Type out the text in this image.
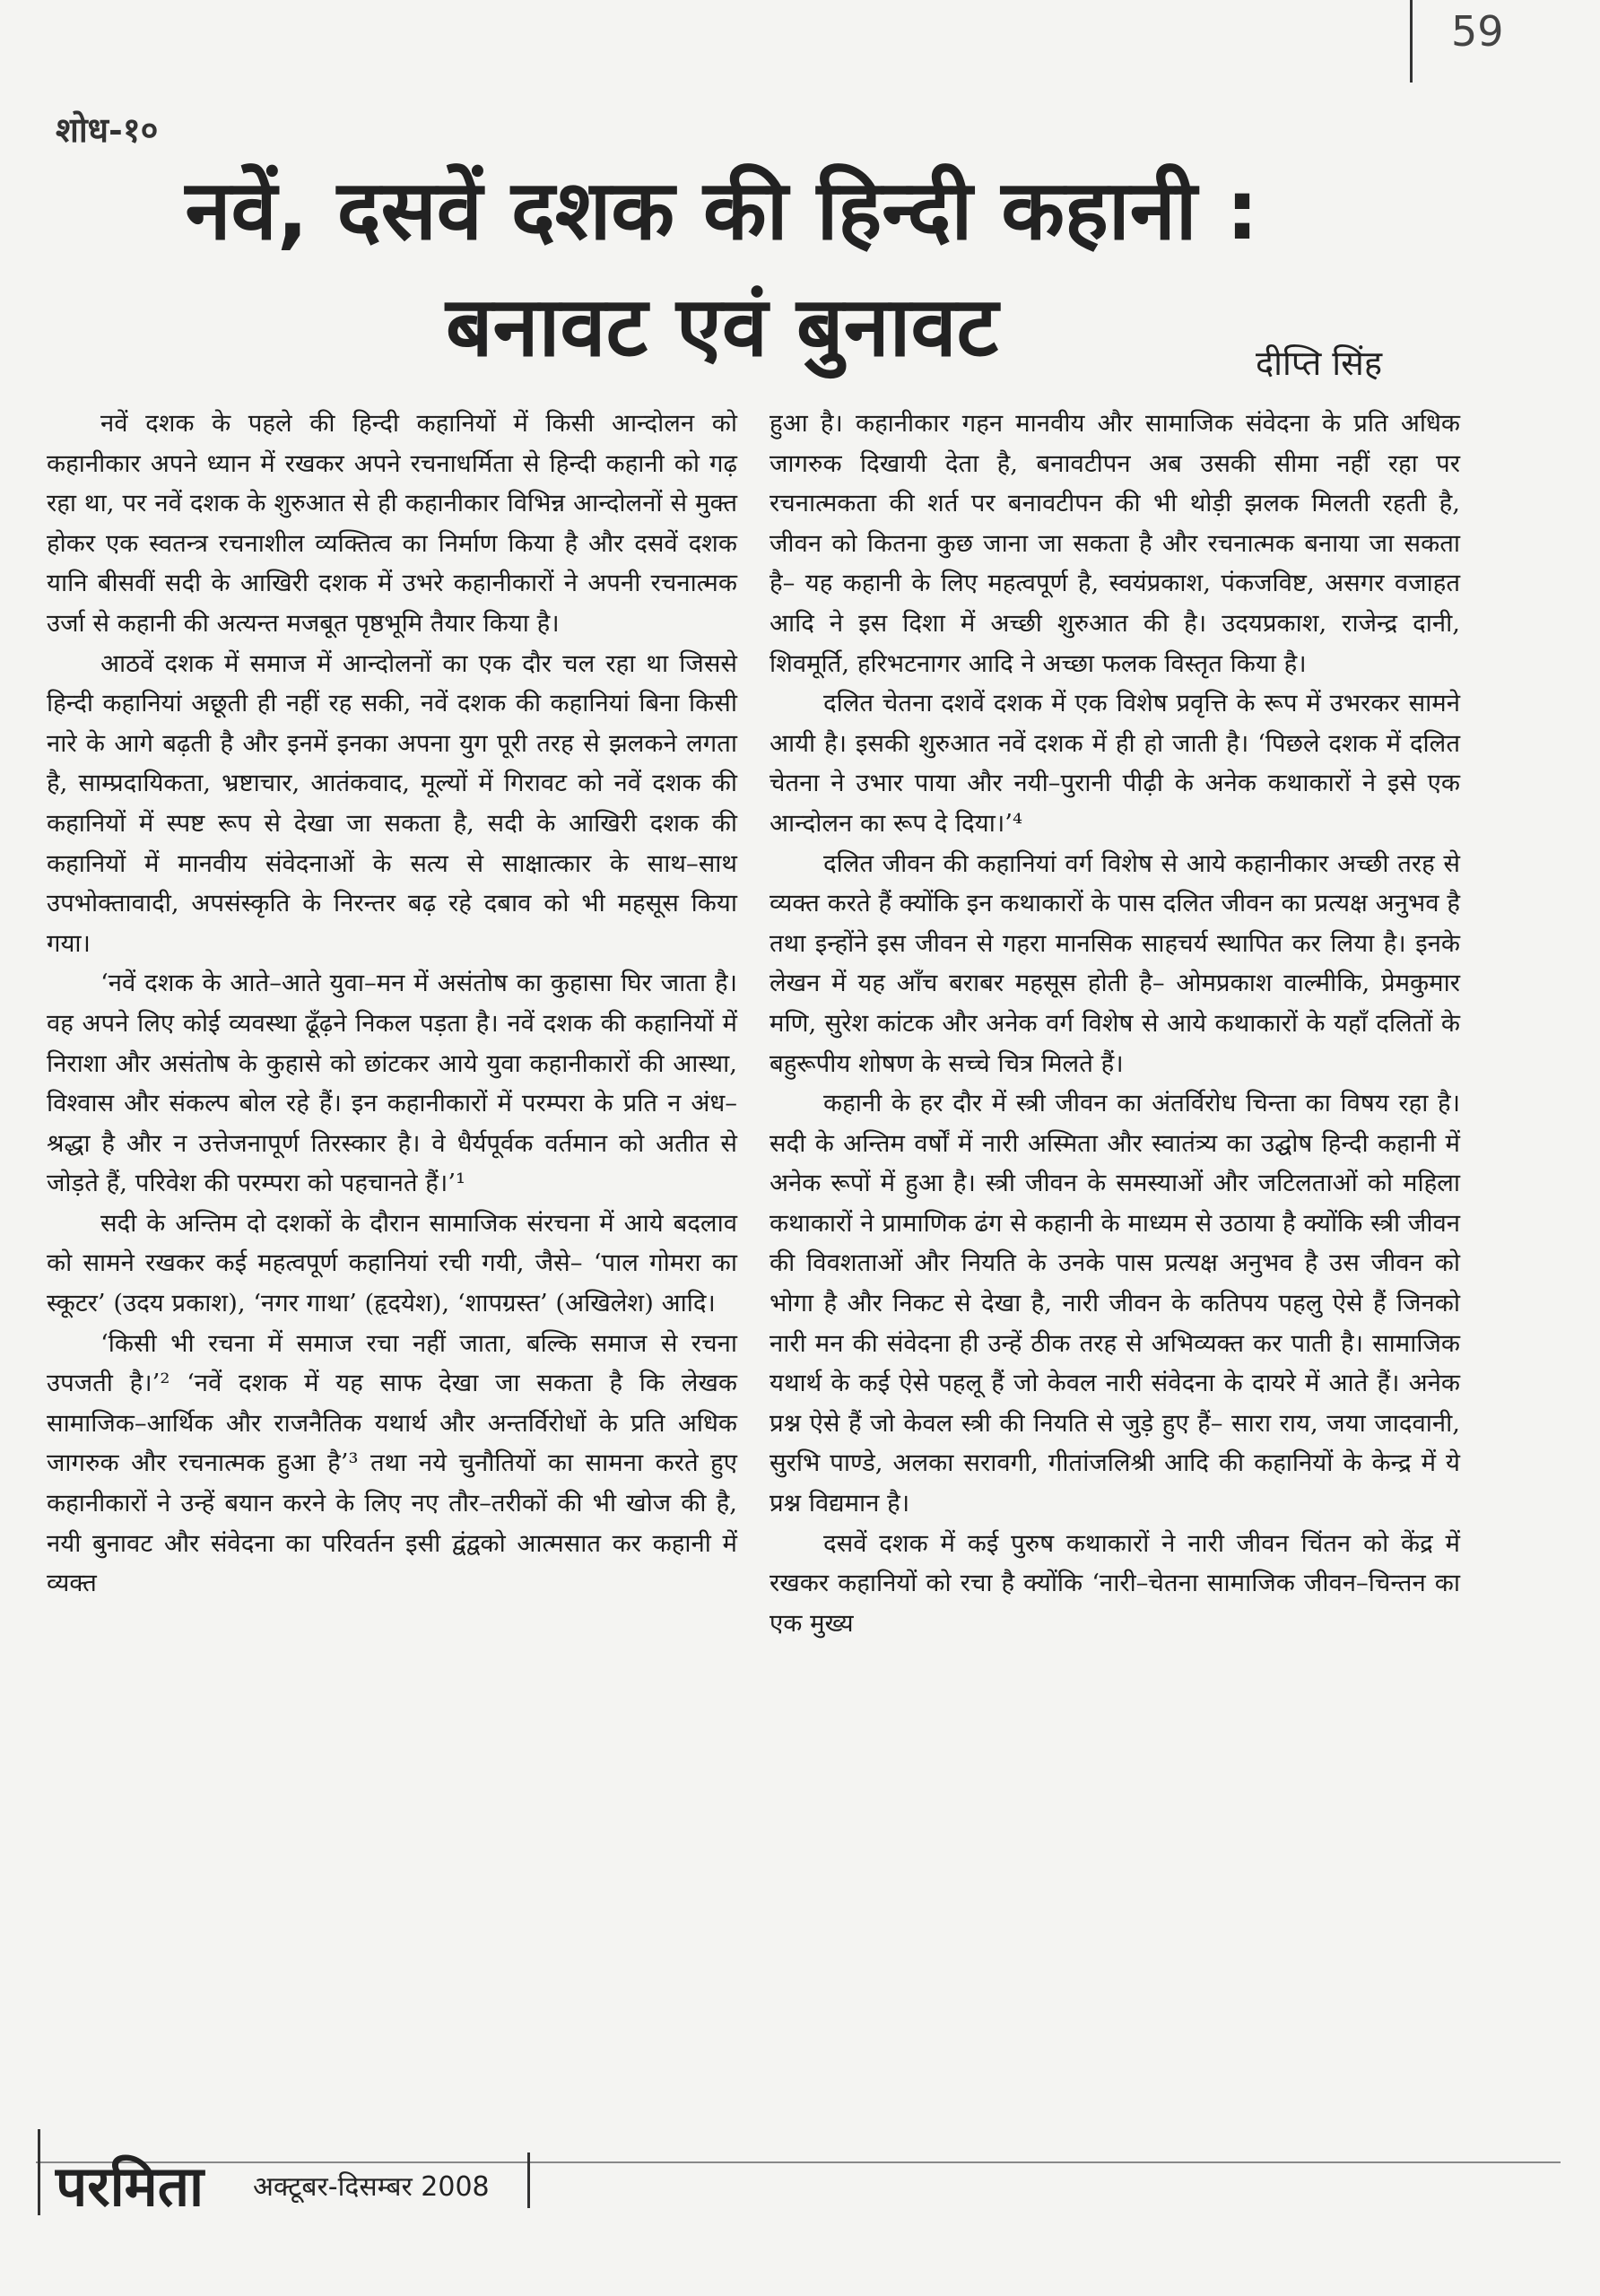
59
शोध-१०
नवें, दसवें दशक की हिन्दी कहानी : बनावट एवं बुनावट	दीप्ति सिंह

नवें दशक के पहले की हिन्दी कहानियों में किसी आन्दोलन को कहानीकार अपने ध्यान में रखकर अपने रचनाधर्मिता से हिन्दी कहानी को गढ़ रहा था, पर नवें दशक के शुरुआत से ही कहानीकार विभिन्न आन्दोलनों से मुक्त होकर एक स्वतन्त्र रचनाशील व्यक्तित्व का निर्माण किया है और दसवें दशक यानि बीसवीं सदी के आखिरी दशक में उभरे कहानीकारों ने अपनी रचनात्मक उर्जा से कहानी की अत्यन्त मजबूत पृष्ठभूमि तैयार किया है।

आठवें दशक में समाज में आन्दोलनों का एक दौर चल रहा था जिससे हिन्दी कहानियां अछूती ही नहीं रह सकी, नवें दशक की कहानियां बिना किसी नारे के आगे बढ़ती है और इनमें इनका अपना युग पूरी तरह से झलकने लगता है, साम्प्रदायिकता, भ्रष्टाचार, आतंकवाद, मूल्यों में गिरावट को नवें दशक की कहानियों में स्पष्ट रूप से देखा जा सकता है, सदी के आखिरी दशक की कहानियों में मानवीय संवेदनाओं के सत्य से साक्षात्कार के साथ–साथ उपभोक्तावादी, अपसंस्कृति के निरन्तर बढ़ रहे दबाव को भी महसूस किया गया।

‘नवें दशक के आते–आते युवा–मन में असंतोष का कुहासा घिर जाता है। वह अपने लिए कोई व्यवस्था ढूँढ़ने निकल पड़ता है। नवें दशक की कहानियों में निराशा और असंतोष के कुहासे को छांटकर आये युवा कहानीकारों की आस्था, विश्वास और संकल्प बोल रहे हैं। इन कहानीकारों में परम्परा के प्रति न अंध–श्रद्धा है और न उत्तेजनापूर्ण तिरस्कार है। वे धैर्यपूर्वक वर्तमान को अतीत से जोड़ते हैं, परिवेश की परम्परा को पहचानते हैं।’¹

सदी के अन्तिम दो दशकों के दौरान सामाजिक संरचना में आये बदलाव को सामने रखकर कई महत्वपूर्ण कहानियां रची गयी, जैसे– ‘पाल गोमरा का स्कूटर’ (उदय प्रकाश), ‘नगर गाथा’ (हृदयेश), ‘शापग्रस्त’ (अखिलेश) आदि।

‘किसी भी रचना में समाज रचा नहीं जाता, बल्कि समाज से रचना उपजती है।’² ‘नवें दशक में यह साफ देखा जा सकता है कि लेखक सामाजिक–आर्थिक और राजनैतिक यथार्थ और अन्तर्विरोधों के प्रति अधिक जागरुक और रचनात्मक हुआ है’³ तथा नये चुनौतियों का सामना करते हुए कहानीकारों ने उन्हें बयान करने के लिए नए तौर–तरीकों की भी खोज की है, नयी बुनावट और संवेदना का परिवर्तन इसी द्वंद्वको आत्मसात कर कहानी में व्यक्त

हुआ है। कहानीकार गहन मानवीय और सामाजिक संवेदना के प्रति अधिक जागरुक दिखायी देता है, बनावटीपन अब उसकी सीमा नहीं रहा पर रचनात्मकता की शर्त पर बनावटीपन की भी थोड़ी झलक मिलती रहती है, जीवन को कितना कुछ जाना जा सकता है और रचनात्मक बनाया जा सकता है– यह कहानी के लिए महत्वपूर्ण है, स्वयंप्रकाश, पंकजविष्ट, असगर वजाहत आदि ने इस दिशा में अच्छी शुरुआत की है। उदयप्रकाश, राजेन्द्र दानी, शिवमूर्ति, हरिभटनागर आदि ने अच्छा फलक विस्तृत किया है।

दलित चेतना दशवें दशक में एक विशेष प्रवृत्ति के रूप में उभरकर सामने आयी है। इसकी शुरुआत नवें दशक में ही हो जाती है। ‘पिछले दशक में दलित चेतना ने उभार पाया और नयी–पुरानी पीढ़ी के अनेक कथाकारों ने इसे एक आन्दोलन का रूप दे दिया।’⁴

दलित जीवन की कहानियां वर्ग विशेष से आये कहानीकार अच्छी तरह से व्यक्त करते हैं क्योंकि इन कथाकारों के पास दलित जीवन का प्रत्यक्ष अनुभव है तथा इन्होंने इस जीवन से गहरा मानसिक साहचर्य स्थापित कर लिया है। इनके लेखन में यह आँच बराबर महसूस होती है– ओमप्रकाश वाल्मीकि, प्रेमकुमार मणि, सुरेश कांटक और अनेक वर्ग विशेष से आये कथाकारों के यहाँ दलितों के बहुरूपीय शोषण के सच्चे चित्र मिलते हैं।

कहानी के हर दौर में स्त्री जीवन का अंतर्विरोध चिन्ता का विषय रहा है। सदी के अन्तिम वर्षों में नारी अस्मिता और स्वातंत्र्य का उद्घोष हिन्दी कहानी में अनेक रूपों में हुआ है। स्त्री जीवन के समस्याओं और जटिलताओं को महिला कथाकारों ने प्रामाणिक ढंग से कहानी के माध्यम से उठाया है क्योंकि स्त्री जीवन की विवशताओं और नियति के उनके पास प्रत्यक्ष अनुभव है उस जीवन को भोगा है और निकट से देखा है, नारी जीवन के कतिपय पहलु ऐसे हैं जिनको नारी मन की संवेदना ही उन्हें ठीक तरह से अभिव्यक्त कर पाती है। सामाजिक यथार्थ के कई ऐसे पहलू हैं जो केवल नारी संवेदना के दायरे में आते हैं। अनेक प्रश्न ऐसे हैं जो केवल स्त्री की नियति से जुड़े हुए हैं– सारा राय, जया जादवानी, सुरभि पाण्डे, अलका सरावगी, गीतांजलिश्री आदि की कहानियों के केन्द्र में ये प्रश्न विद्यमान है।

दसवें दशक में कई पुरुष कथाकारों ने नारी जीवन चिंतन को केंद्र में रखकर कहानियों को रचा है क्योंकि ‘नारी–चेतना सामाजिक जीवन–चिन्तन का एक मुख्य

परमिता अक्टूबर-दिसम्बर 2008
